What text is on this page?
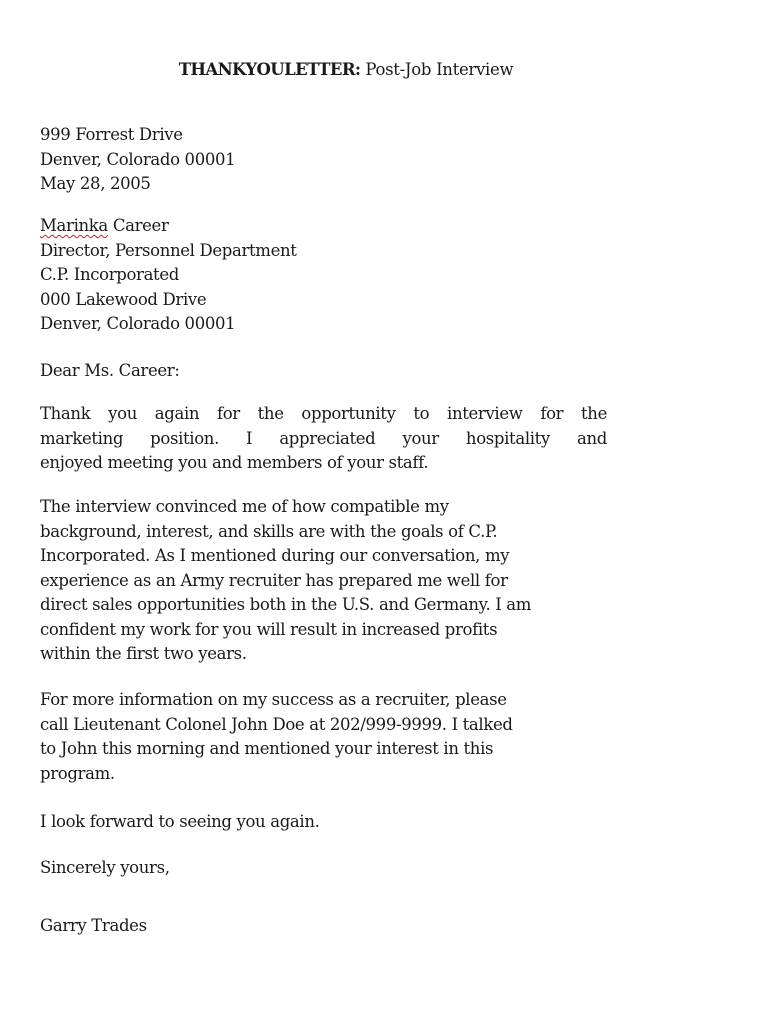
THANKYOULETTER: Post-Job Interview
999 Forrest Drive
Denver, Colorado 00001
May 28, 2005
Marinka Career
Director, Personnel Department
C.P. Incorporated
000 Lakewood Drive
Denver, Colorado 00001
Dear Ms. Career:
Thank you again for the opportunity to interview for the
marketing position. I appreciated your hospitality and
enjoyed meeting you and members of your staff.
The interview convinced me of how compatible my
background, interest, and skills are with the goals of C.P.
Incorporated. As I mentioned during our conversation, my
experience as an Army recruiter has prepared me well for
direct sales opportunities both in the U.S. and Germany. I am
confident my work for you will result in increased profits
within the first two years.
For more information on my success as a recruiter, please
call Lieutenant Colonel John Doe at 202/999-9999. I talked
to John this morning and mentioned your interest in this
program.
I look forward to seeing you again.
Sincerely yours,
Garry Trades
